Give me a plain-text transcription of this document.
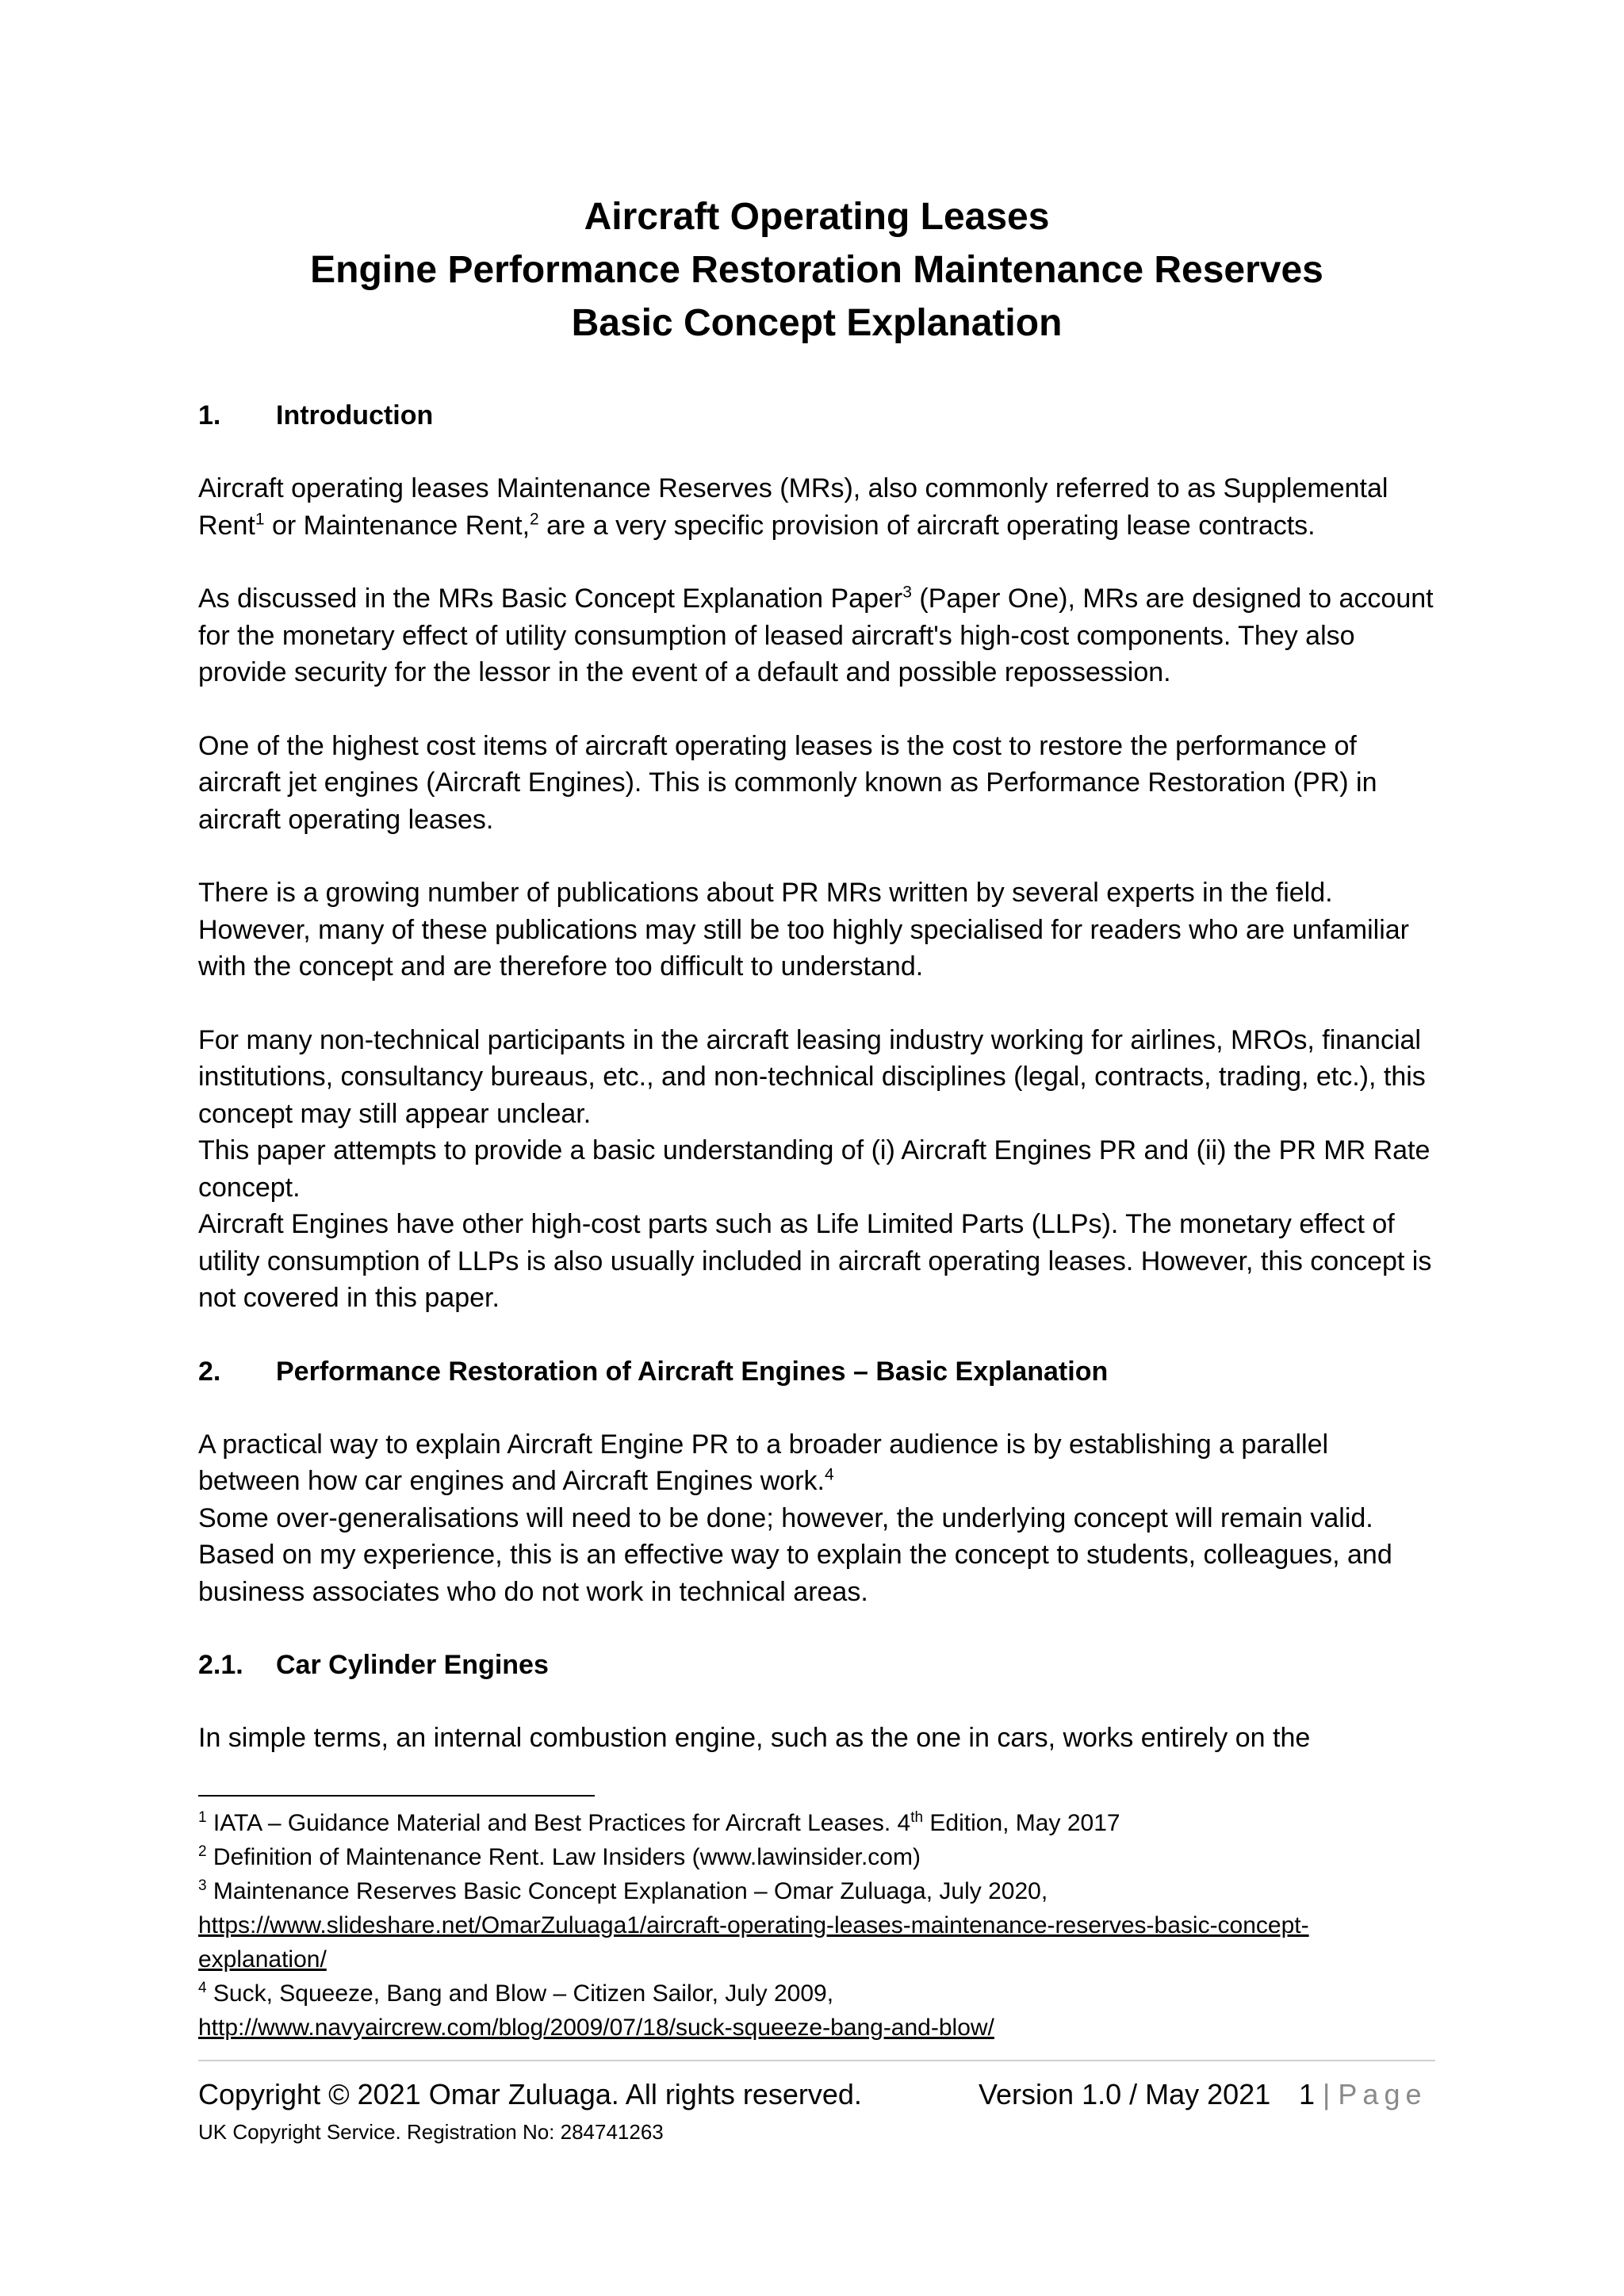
Aircraft Operating Leases
Engine Performance Restoration Maintenance Reserves
Basic Concept Explanation
1.	Introduction

Aircraft operating leases Maintenance Reserves (MRs), also commonly referred to as Supplemental Rent$^1$ or Maintenance Rent,$^2$ are a very specific provision of aircraft operating lease contracts.

As discussed in the MRs Basic Concept Explanation Paper$^3$ (Paper One), MRs are designed to account for the monetary effect of utility consumption of leased aircraft's high-cost components. They also provide security for the lessor in the event of a default and possible repossession.

One of the highest cost items of aircraft operating leases is the cost to restore the performance of aircraft jet engines (Aircraft Engines). This is commonly known as Performance Restoration (PR) in aircraft operating leases.

There is a growing number of publications about PR MRs written by several experts in the field. However, many of these publications may still be too highly specialised for readers who are unfamiliar with the concept and are therefore too difficult to understand.

For many non-technical participants in the aircraft leasing industry working for airlines, MROs, financial institutions, consultancy bureaus, etc., and non-technical disciplines (legal, contracts, trading, etc.), this concept may still appear unclear.

This paper attempts to provide a basic understanding of (i) Aircraft Engines PR and (ii) the PR MR Rate concept.

Aircraft Engines have other high-cost parts such as Life Limited Parts (LLPs). The monetary effect of utility consumption of LLPs is also usually included in aircraft operating leases. However, this concept is not covered in this paper.

2.	Performance Restoration of Aircraft Engines – Basic Explanation

A practical way to explain Aircraft Engine PR to a broader audience is by establishing a parallel between how car engines and Aircraft Engines work.$^4$

Some over-generalisations will need to be done; however, the underlying concept will remain valid. Based on my experience, this is an effective way to explain the concept to students, colleagues, and business associates who do not work in technical areas.

2.1.	Car Cylinder Engines

In simple terms, an internal combustion engine, such as the one in cars, works entirely on the

$^1$ IATA – Guidance Material and Best Practices for Aircraft Leases. 4th Edition, May 2017
$^2$ Definition of Maintenance Rent. Law Insiders (www.lawinsider.com)
$^3$ Maintenance Reserves Basic Concept Explanation – Omar Zuluaga, July 2020,
https://www.slideshare.net/OmarZuluaga1/aircraft-operating-leases-maintenance-reserves-basic-concept-explanation/
$^4$ Suck, Squeeze, Bang and Blow – Citizen Sailor, July 2009,
http://www.navyaircrew.com/blog/2009/07/18/suck-squeeze-bang-and-blow/
Copyright © 2021 Omar Zuluaga. All rights reserved.
UK Copyright Service. Registration No: 284741263
Version 1.0 / May 2021 1 | Page
